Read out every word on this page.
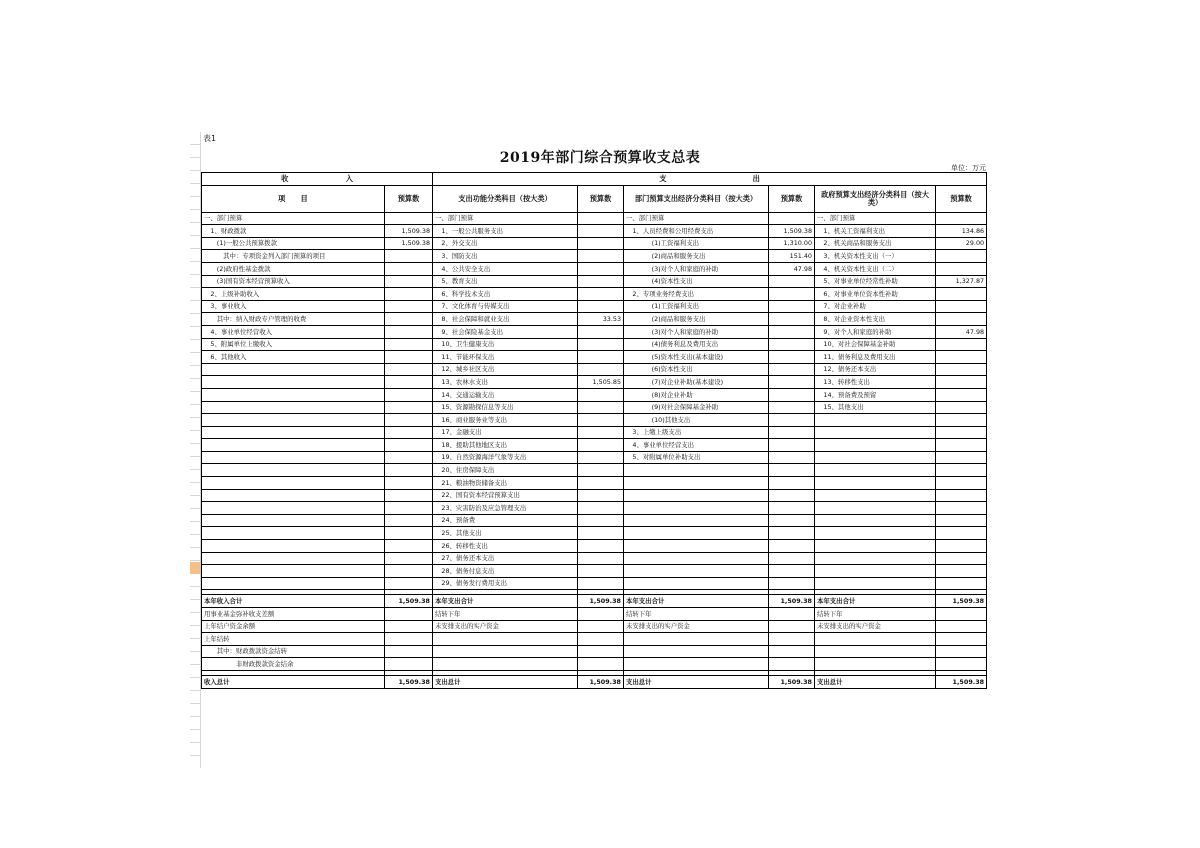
表1
2019年部门综合预算收支总表
单位：万元
收　　　　　　　　入		支　　　　　　　　　　　　出					
项　　目	预算数	支出功能分类科目（按大类）	预算数	部门预算支出经济分类科目（按大类）	预算数	政府预算支出经济分类科目（按大类）	预算数
一、部门预算		一、部门预算		一、部门预算		一、部门预算	
　1、财政拨款	1,509.38	　1、一般公共服务支出		　1、人员经费和公用经费支出	1,509.38	　1、机关工资福利支出	134.86
　　(1)一般公共预算拨款	1,509.38	　2、外交支出		　　　　(1)工资福利支出	1,310.00	　2、机关商品和服务支出	29.00
　　　其中：专项资金列入部门预算的项目		　3、国防支出		　　　　(2)商品和服务支出	151.40	　3、机关资本性支出（一）	
　　(2)政府性基金拨款		　4、公共安全支出		　　　　(3)对个人和家庭的补助	47.98	　4、机关资本性支出（二）	
　　(3)国有资本经营预算收入		　5、教育支出		　　　　(4)资本性支出		　5、对事业单位经常性补助	1,327.87
　2、上级补助收入		　6、科学技术支出		　2、专项业务经费支出		　6、对事业单位资本性补助	
　3、事业收入		　7、文化体育与传媒支出		　　　　(1)工资福利支出		　7、对企业补助	
　　其中：纳入财政专户管理的收费		　8、社会保障和就业支出	33.53	　　　　(2)商品和服务支出		　8、对企业资本性支出	
　4、事业单位经营收入		　9、社会保险基金支出		　　　　(3)对个人和家庭的补助		　9、对个人和家庭的补助	47.98
　5、附属单位上缴收入		　10、卫生健康支出		　　　　(4)债务利息及费用支出		　10、对社会保障基金补助	
　6、其他收入		　11、节能环保支出		　　　　(5)资本性支出(基本建设)		　11、债务利息及费用支出	
		　12、城乡社区支出		　　　　(6)资本性支出		　12、债务还本支出	
		　13、农林水支出	1,505.85	　　　　(7)对企业补助(基本建设)		　13、转移性支出	
		　14、交通运输支出		　　　　(8)对企业补助		　14、预备费及预留	
		　15、资源勘探信息等支出		　　　　(9)对社会保障基金补助		　15、其他支出	
		　16、商业服务业等支出		　　　　(10)其他支出			
		　17、金融支出		　3、上缴上级支出			
		　18、援助其他地区支出		　4、事业单位经营支出			
		　19、自然资源海洋气象等支出		　5、对附属单位补助支出			
		　20、住房保障支出					
		　21、粮油物资储备支出					
		　22、国有资本经营预算支出					
		　23、灾害防治及应急管理支出					
		　24、预备费					
		　25、其他支出					
		　26、转移性支出					
		　27、债务还本支出					
		　28、债务付息支出					
		　29、债务发行费用支出					

本年收入合计	1,509.38	本年支出合计	1,509.38	本年支出合计	1,509.38	本年支出合计	1,509.38
用事业基金弥补收支差额		结转下年		结转下年		结转下年	
上年结户资金余额		未安排支出的实户资金		未安排支出的实户资金		未安排支出的实户资金	
上年结转							
　　其中：财政拨款资金结转							
　　　　　非财政拨款资金结余							

收入总计	1,509.38	支出总计	1,509.38	支出总计	1,509.38	支出总计	1,509.38
